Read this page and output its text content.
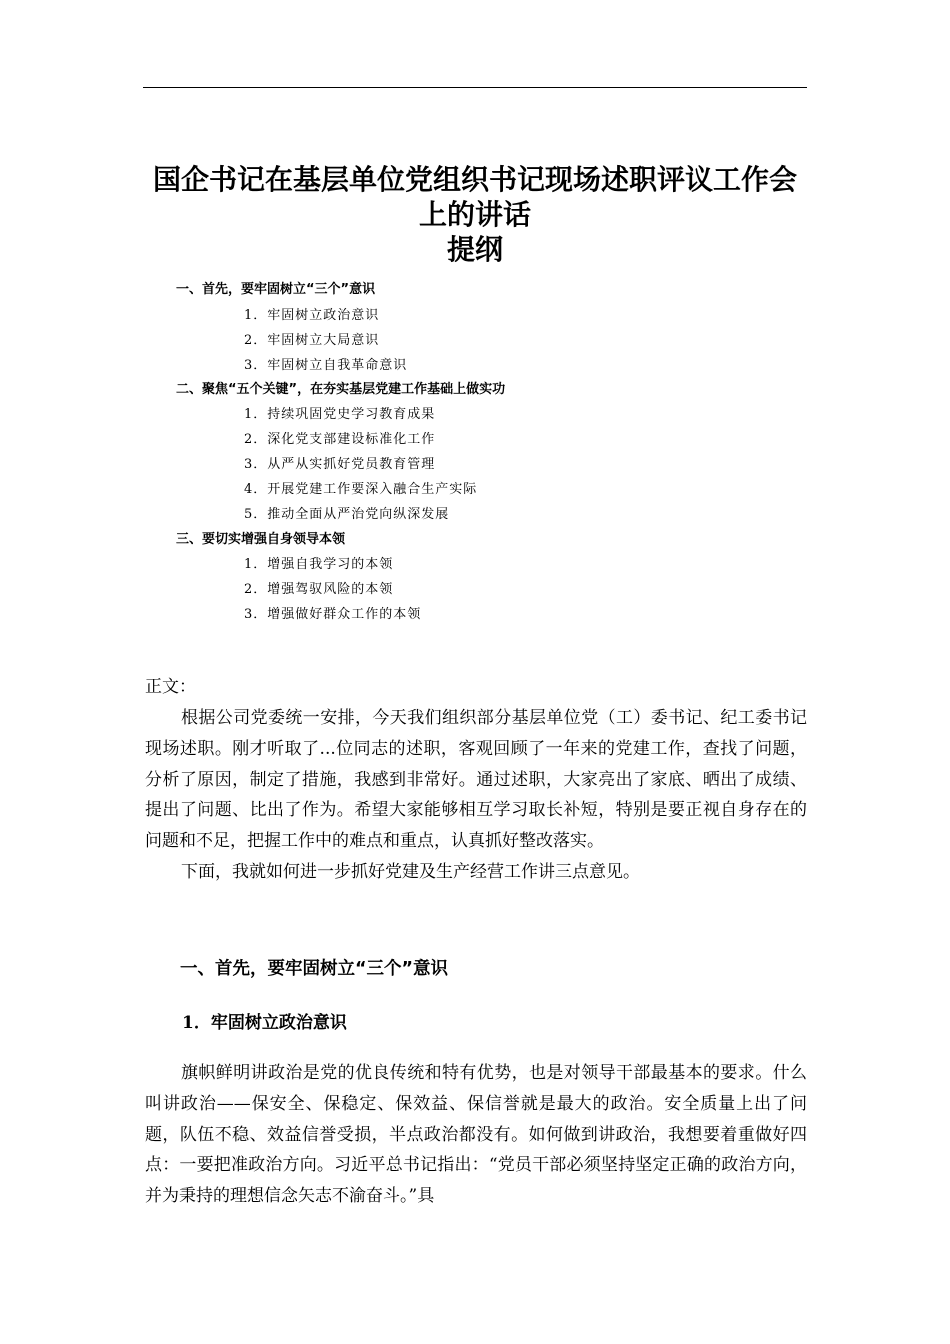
国企书记在基层单位党组织书记现场述职评议工作会上的讲话
提纲
一、首先，要牢固树立“三个”意识
1．牢固树立政治意识
2．牢固树立大局意识
3．牢固树立自我革命意识
二、聚焦“五个关键”，在夯实基层党建工作基础上做实功
1．持续巩固党史学习教育成果
2．深化党支部建设标准化工作
3．从严从实抓好党员教育管理
4．开展党建工作要深入融合生产实际
5．推动全面从严治党向纵深发展
三、要切实增强自身领导本领
1．增强自我学习的本领
2．增强驾驭风险的本领
3．增强做好群众工作的本领

正文：

根据公司党委统一安排，今天我们组织部分基层单位党（工）委书记、纪工委书记现场述职。刚才听取了...位同志的述职，客观回顾了一年来的党建工作，查找了问题，分析了原因，制定了措施，我感到非常好。通过述职，大家亮出了家底、晒出了成绩、提出了问题、比出了作为。希望大家能够相互学习取长补短，特别是要正视自身存在的问题和不足，把握工作中的难点和重点，认真抓好整改落实。

下面，我就如何进一步抓好党建及生产经营工作讲三点意见。

一、首先，要牢固树立“三个”意识
1．牢固树立政治意识

旗帜鲜明讲政治是党的优良传统和特有优势，也是对领导干部最基本的要求。什么叫讲政治——保安全、保稳定、保效益、保信誉就是最大的政治。安全质量上出了问题，队伍不稳、效益信誉受损，半点政治都没有。如何做到讲政治，我想要着重做好四点：一要把准政治方向。习近平总书记指出：“党员干部必须坚持坚定正确的政治方向，并为秉持的理想信念矢志不渝奋斗。”具
